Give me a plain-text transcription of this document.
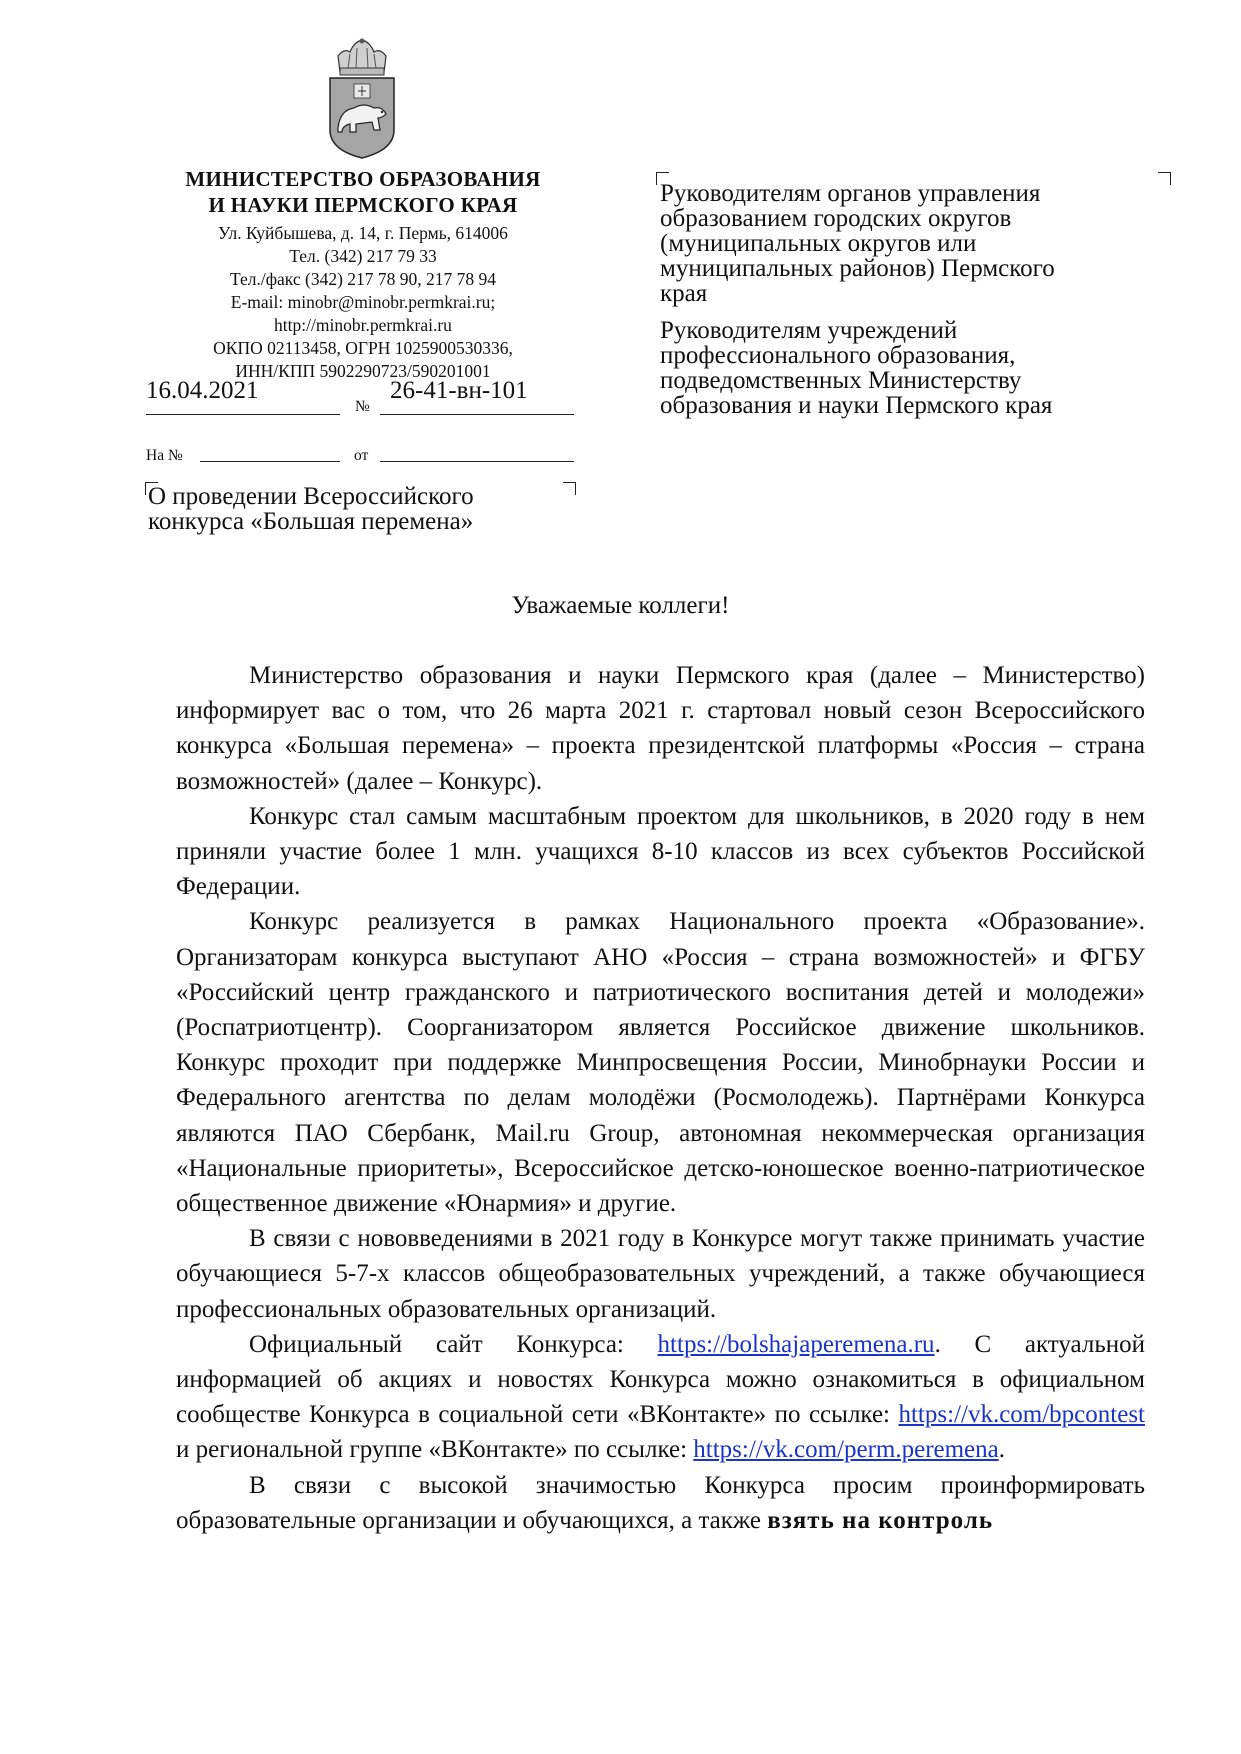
МИНИСТЕРСТВО ОБРАЗОВАНИЯ
И НАУКИ ПЕРМСКОГО КРАЯ
Ул. Куйбышева, д. 14, г. Пермь, 614006
Тел. (342) 217 79 33
Тел./факс (342) 217 78 90, 217 78 94
E-mail: minobr@minobr.permkrai.ru;
http://minobr.permkrai.ru
ОКПО 02113458, ОГРН 1025900530336,
ИНН/КПП 5902290723/590201001
16.04.2021
№
26-41-вн-101
На №	от
О проведении Всероссийского
конкурса «Большая перемена»
Руководителям органов управления
образованием городских округов
(муниципальных округов или
муниципальных районов) Пермского
края
Руководителям учреждений
профессионального образования,
подведомственных Министерству
образования и науки Пермского края
Уважаемые коллеги!

Министерство образования и науки Пермского края (далее – Министерство) информирует вас о том, что 26 марта 2021 г. стартовал новый сезон Всероссийского конкурса «Большая перемена» – проекта президентской платформы «Россия – страна возможностей» (далее – Конкурс).

Конкурс стал самым масштабным проектом для школьников, в 2020 году в нем приняли участие более 1 млн. учащихся 8-10 классов из всех субъектов Российской Федерации.

Конкурс реализуется в рамках Национального проекта «Образование». Организаторам конкурса выступают АНО «Россия – страна возможностей» и ФГБУ «Российский центр гражданского и патриотического воспитания детей и молодежи» (Роспатриотцентр). Соорганизатором является Российское движение школьников. Конкурс проходит при поддержке Минпросвещения России, Минобрнауки России и Федерального агентства по делам молодёжи (Росмолодежь). Партнёрами Конкурса являются ПАО Сбербанк, Mail.ru Group, автономная некоммерческая организация «Национальные приоритеты», Всероссийское детско-юношеское военно-патриотическое общественное движение «Юнармия» и другие.

В связи с нововведениями в 2021 году в Конкурсе могут также принимать участие обучающиеся 5-7-х классов общеобразовательных учреждений, а также обучающиеся профессиональных образовательных организаций.

Официальный сайт Конкурса: https://bolshajaperemena.ru. С актуальной информацией об акциях и новостях Конкурса можно ознакомиться в официальном сообществе Конкурса в социальной сети «ВКонтакте» по ссылке: https://vk.com/bpcontest и региональной группе «ВКонтакте» по ссылке: https://vk.com/perm.peremena.

В связи с высокой значимостью Конкурса просим проинформировать образовательные организации и обучающихся, а также взять на контроль
